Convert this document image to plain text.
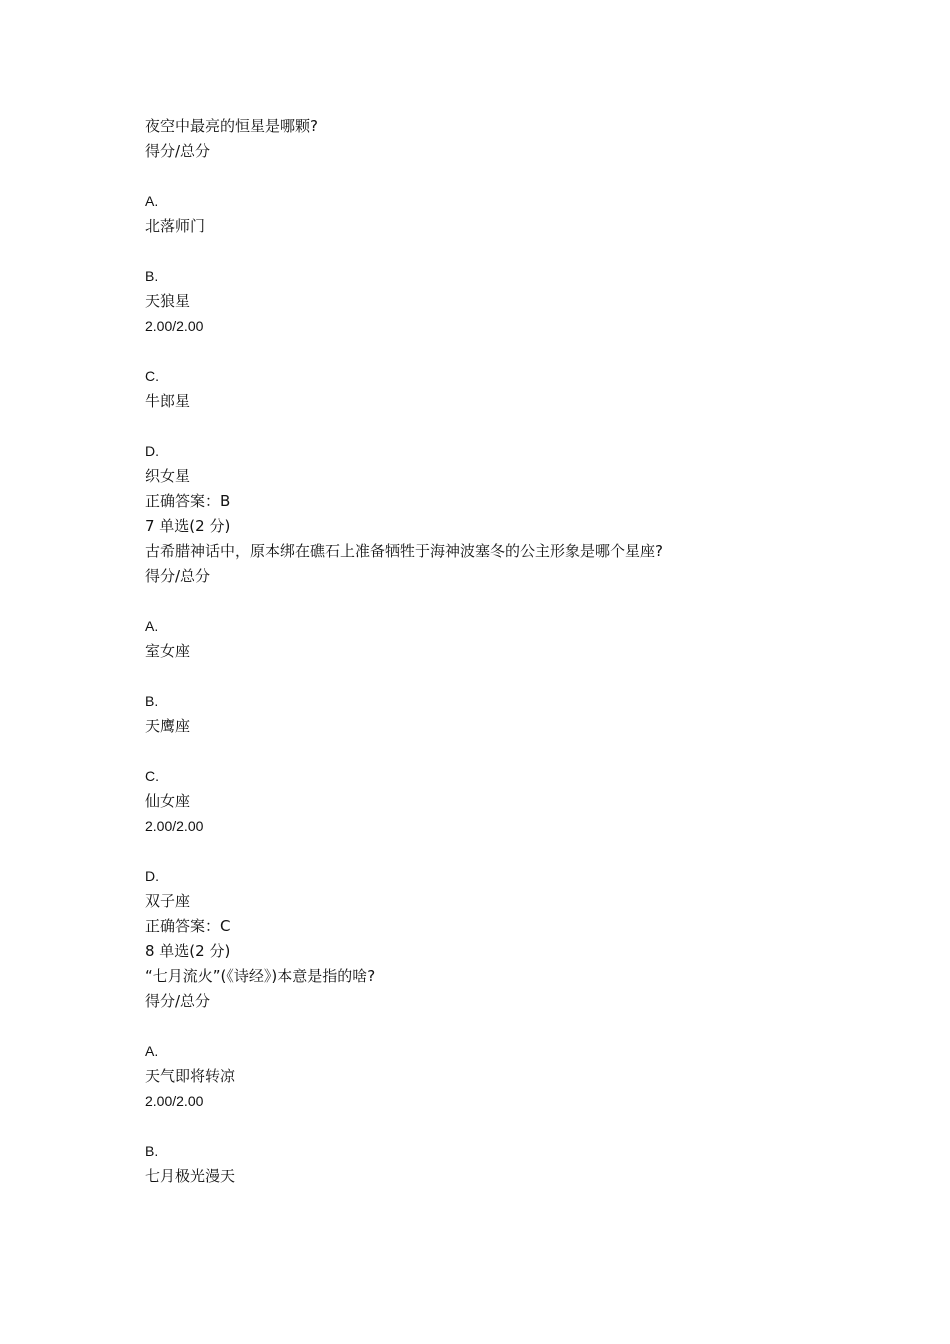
夜空中最亮的恒星是哪颗?
得分/总分
A.
北落师门
B.
天狼星
2.00/2.00
C.
牛郎星
D.
织女星
正确答案：B
7 单选(2 分)
古希腊神话中，原本绑在礁石上准备牺牲于海神波塞冬的公主形象是哪个星座?
得分/总分
A.
室女座
B.
天鹰座
C.
仙女座
2.00/2.00
D.
双子座
正确答案：C
8 单选(2 分)
“七月流火”(《诗经》)本意是指的啥?
得分/总分
A.
天气即将转凉
2.00/2.00
B.
七月极光漫天
